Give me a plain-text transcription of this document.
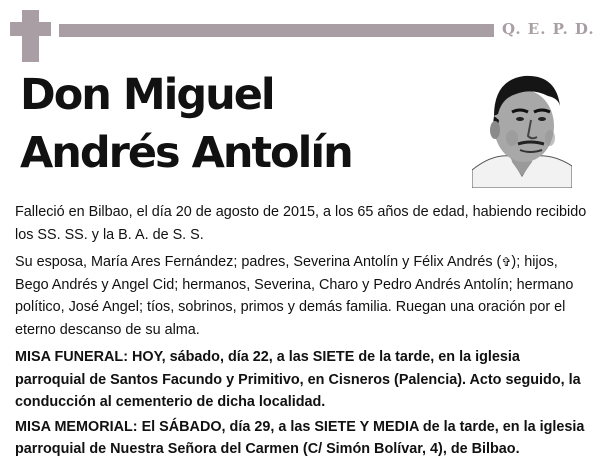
Q. E. P. D.
Don Miguel
Andrés Antolín

Falleció en Bilbao, el día 20 de agosto de 2015, a los 65 años de edad, habiendo recibido los SS. SS. y la B. A. de S. S.

Su esposa, María Ares Fernández; padres, Severina Antolín y Félix Andrés (✞); hijos, Bego Andrés y Angel Cid; hermanos, Severina, Charo y Pedro Andrés Antolín; hermano político, José Angel; tíos, sobrinos, primos y demás familia. Ruegan una oración por el eterno descanso de su alma.

MISA FUNERAL: HOY, sábado, día 22, a las SIETE de la tarde, en la iglesia parroquial de Santos Facundo y Primitivo, en Cisneros (Palencia). Acto seguido, la conducción al cementerio de dicha localidad.

MISA MEMORIAL: El SÁBADO, día 29, a las SIETE Y MEDIA de la tarde, en la iglesia parroquial de Nuestra Señora del Carmen (C/ Simón Bolívar, 4), de Bilbao.
